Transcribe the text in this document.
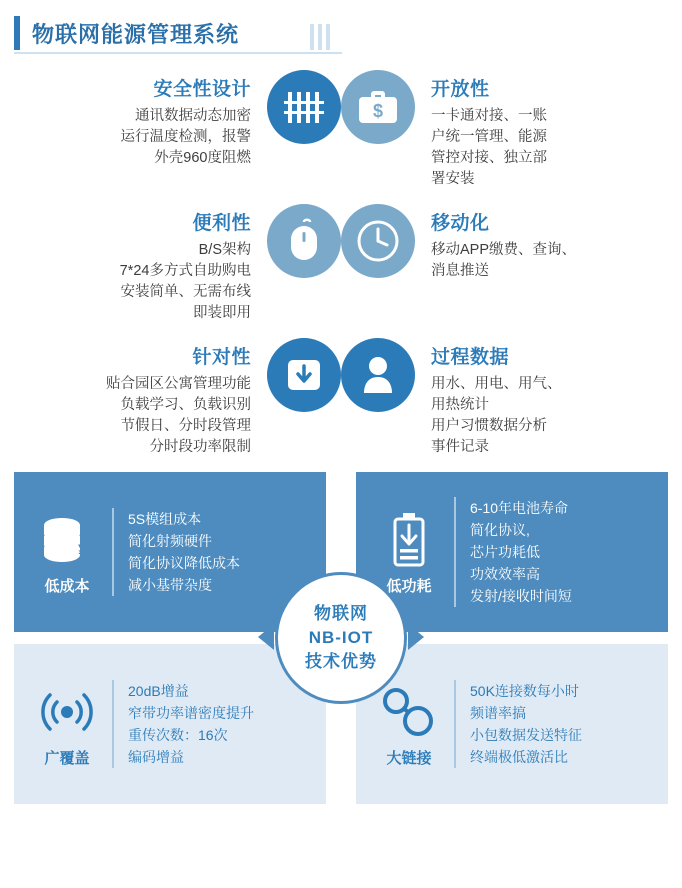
物联网能源管理系统
安全性设计
通讯数据动态加密
运行温度检测，报警
外壳960度阻燃
$
开放性
一卡通对接、一账
户统一管理、能源
管控对接、独立部
署安装
便利性
B/S架构
7*24多方式自助购电
安装简单、无需布线
即装即用
移动化
移动APP缴费、查询、
消息推送
针对性
贴合园区公寓管理功能
负载学习、负载识别
节假日、分时段管理
分时段功率限制
过程数据
用水、用电、用气、
用热统计
用户习惯数据分析
事件记录
¥
低成本
5S模组成本
简化射频硬件
简化协议降低成本
减小基带杂度	低功耗
6-10年电池寿命
简化协议,
芯片功耗低
功效效率高
发射/接收时间短
广覆盖
20dB增益
窄带功率谱密度提升
重传次数：16次
编码增益	大链接
50K连接数每小时
频谱率搞
小包数据发送特征
终端极低激活比
物联网
NB-IOT
技术优势
